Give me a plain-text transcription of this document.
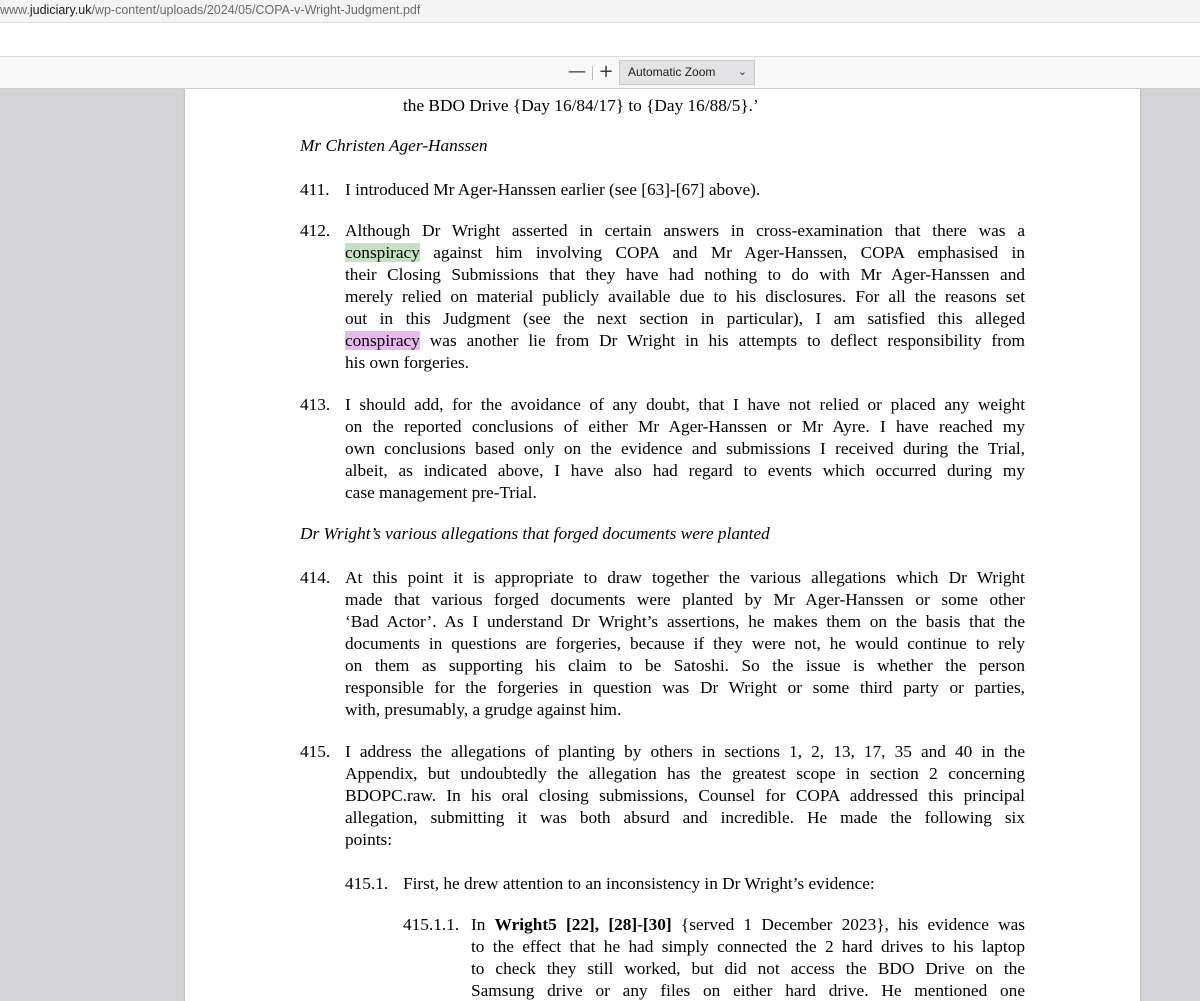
www.judiciary.uk/wp-content/uploads/2024/05/COPA-v-Wright-Judgment.pdf
— +	Automatic Zoom ⌄
the BDO Drive {Day 16/84/17} to {Day 16/88/5}.’
Mr Christen Ager-Hanssen
411. I introduced Mr Ager-Hanssen earlier (see [63]-[67] above).
412. Although Dr Wright asserted in certain answers in cross-examination that there was a
conspiracy against him involving COPA and Mr Ager-Hanssen, COPA emphasised in
their Closing Submissions that they have had nothing to do with Mr Ager-Hanssen and
merely relied on material publicly available due to his disclosures. For all the reasons set
out in this Judgment (see the next section in particular), I am satisfied this alleged
conspiracy was another lie from Dr Wright in his attempts to deflect responsibility from
his own forgeries.
413. I should add, for the avoidance of any doubt, that I have not relied or placed any weight
on the reported conclusions of either Mr Ager-Hanssen or Mr Ayre. I have reached my
own conclusions based only on the evidence and submissions I received during the Trial,
albeit, as indicated above, I have also had regard to events which occurred during my
case management pre-Trial.
Dr Wright’s various allegations that forged documents were planted
414. At this point it is appropriate to draw together the various allegations which Dr Wright
made that various forged documents were planted by Mr Ager-Hanssen or some other
‘Bad Actor’. As I understand Dr Wright’s assertions, he makes them on the basis that the
documents in questions are forgeries, because if they were not, he would continue to rely
on them as supporting his claim to be Satoshi. So the issue is whether the person
responsible for the forgeries in question was Dr Wright or some third party or parties,
with, presumably, a grudge against him.
415. I address the allegations of planting by others in sections 1, 2, 13, 17, 35 and 40 in the
Appendix, but undoubtedly the allegation has the greatest scope in section 2 concerning
BDOPC.raw. In his oral closing submissions, Counsel for COPA addressed this principal
allegation, submitting it was both absurd and incredible. He made the following six
points:
415.1. First, he drew attention to an inconsistency in Dr Wright’s evidence:
415.1.1. In Wright5 [22], [28]-[30] {served 1 December 2023}, his evidence was
to the effect that he had simply connected the 2 hard drives to his laptop
to check they still worked, but did not access the BDO Drive on the
Samsung drive or any files on either hard drive. He mentioned one
